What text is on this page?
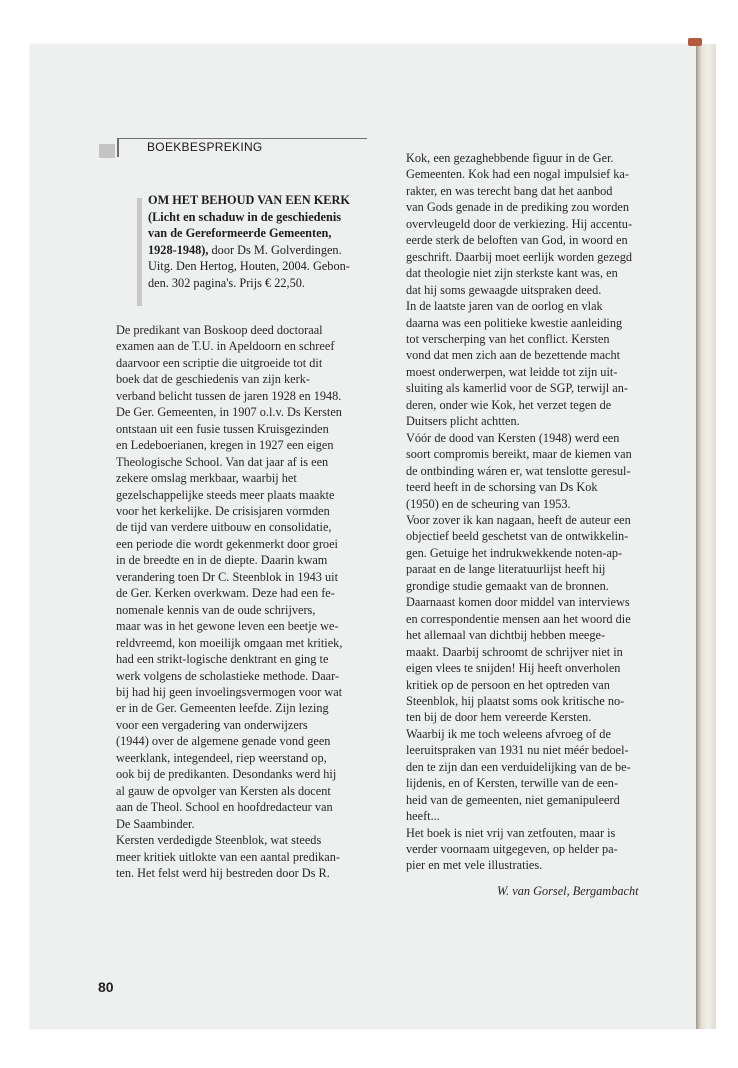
BOEKBESPREKING
OM HET BEHOUD VAN EEN KERK
(Licht en schaduw in de geschiedenis
van de Gereformeerde Gemeenten,
1928-1948), door Ds M. Golverdingen.
Uitg. Den Hertog, Houten, 2004. Gebon-
den. 302 pagina's. Prijs € 22,50.

De predikant van Boskoop deed doctoraal

examen aan de T.U. in Apeldoorn en schreef

daarvoor een scriptie die uitgroeide tot dit

boek dat de geschiedenis van zijn kerk-

verband belicht tussen de jaren 1928 en 1948.

De Ger. Gemeenten, in 1907 o.l.v. Ds Kersten

ontstaan uit een fusie tussen Kruisgezinden

en Ledeboerianen, kregen in 1927 een eigen

Theologische School. Van dat jaar af is een

zekere omslag merkbaar, waarbij het

gezelschappelijke steeds meer plaats maakte

voor het kerkelijke. De crisisjaren vormden

de tijd van verdere uitbouw en consolidatie,

een periode die wordt gekenmerkt door groei

in de breedte en in de diepte. Daarin kwam

verandering toen Dr C. Steenblok in 1943 uit

de Ger. Kerken overkwam. Deze had een fe-

nomenale kennis van de oude schrijvers,

maar was in het gewone leven een beetje we-

reldvreemd, kon moeilijk omgaan met kritiek,

had een strikt-logische denktrant en ging te

werk volgens de scholastieke methode. Daar-

bij had hij geen invoelingsvermogen voor wat

er in de Ger. Gemeenten leefde. Zijn lezing

voor een vergadering van onderwijzers

(1944) over de algemene genade vond geen

weerklank, integendeel, riep weerstand op,

ook bij de predikanten. Desondanks werd hij

al gauw de opvolger van Kersten als docent

aan de Theol. School en hoofdredacteur van

De Saambinder.

Kersten verdedigde Steenblok, wat steeds

meer kritiek uitlokte van een aantal predikan-

ten. Het felst werd hij bestreden door Ds R.

Kok, een gezaghebbende figuur in de Ger.

Gemeenten. Kok had een nogal impulsief ka-

rakter, en was terecht bang dat het aanbod

van Gods genade in de prediking zou worden

overvleugeld door de verkiezing. Hij accentu-

eerde sterk de beloften van God, in woord en

geschrift. Daarbij moet eerlijk worden gezegd

dat theologie niet zijn sterkste kant was, en

dat hij soms gewaagde uitspraken deed.

In de laatste jaren van de oorlog en vlak

daarna was een politieke kwestie aanleiding

tot verscherping van het conflict. Kersten

vond dat men zich aan de bezettende macht

moest onderwerpen, wat leidde tot zijn uit-

sluiting als kamerlid voor de SGP, terwijl an-

deren, onder wie Kok, het verzet tegen de

Duitsers plicht achtten.

Vóór de dood van Kersten (1948) werd een

soort compromis bereikt, maar de kiemen van

de ontbinding wáren er, wat tenslotte geresul-

teerd heeft in de schorsing van Ds Kok

(1950) en de scheuring van 1953.

Voor zover ik kan nagaan, heeft de auteur een

objectief beeld geschetst van de ontwikkelin-

gen. Getuige het indrukwekkende noten-ap-

paraat en de lange literatuurlijst heeft hij

grondige studie gemaakt van de bronnen.

Daarnaast komen door middel van interviews

en correspondentie mensen aan het woord die

het allemaal van dichtbij hebben meege-

maakt. Daarbij schroomt de schrijver niet in

eigen vlees te snijden! Hij heeft onverholen

kritiek op de persoon en het optreden van

Steenblok, hij plaatst soms ook kritische no-

ten bij de door hem vereerde Kersten.

Waarbij ik me toch weleens afvroeg of de

leeruitspraken van 1931 nu niet méér bedoel-

den te zijn dan een verduidelijking van de be-

lijdenis, en of Kersten, terwille van de een-

heid van de gemeenten, niet gemanipuleerd

heeft...

Het boek is niet vrij van zetfouten, maar is

verder voornaam uitgegeven, op helder pa-

pier en met vele illustraties.

W. van Gorsel, Bergambacht
80
